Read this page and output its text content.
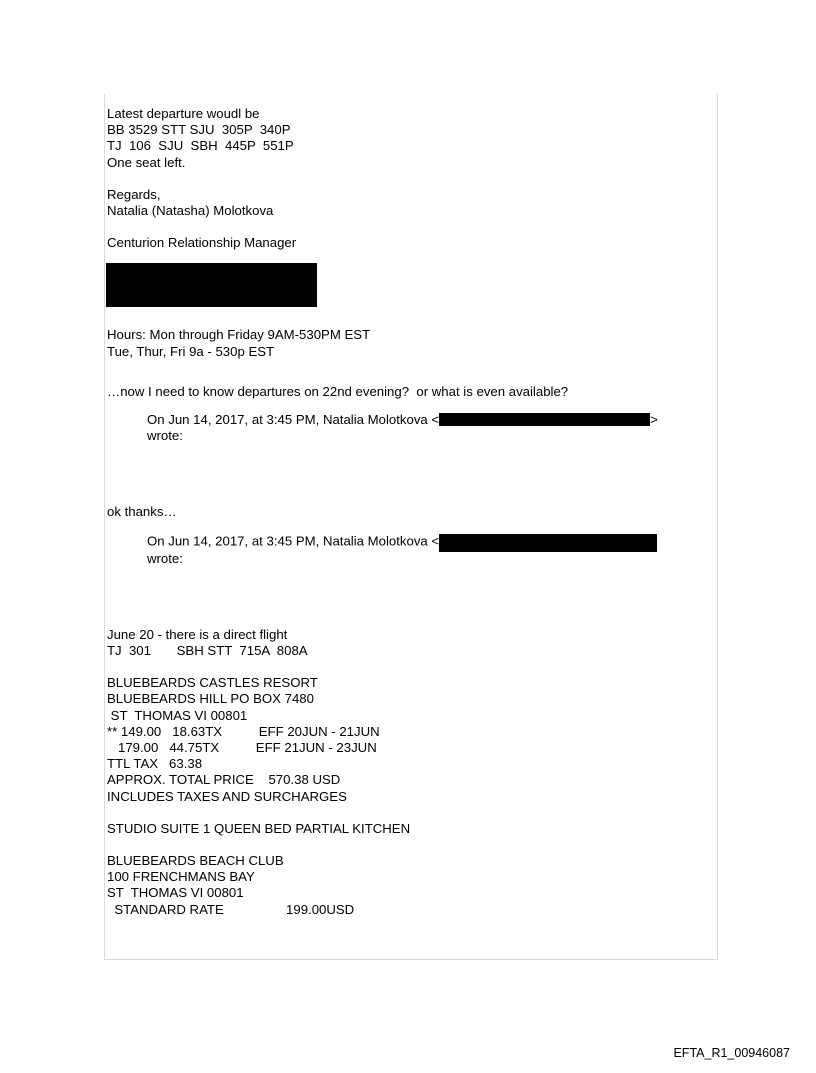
Latest departure woudl be
BB 3529 STT SJU  305P  340P
TJ  106  SJU  SBH  445P  551P
One seat left.
Regards,
Natalia (Natasha) Molotkova
Centurion Relationship Manager
Hours: Mon through Friday 9AM-530PM EST
Tue, Thur, Fri 9a - 530p EST
…now I need to know departures on 22nd evening?  or what is even available?
On Jun 14, 2017, at 3:45 PM, Natalia Molotkova <	>
wrote:
ok thanks…
On Jun 14, 2017, at 3:45 PM, Natalia Molotkova <
wrote:
June 20 - there is a direct flight
TJ  301       SBH STT  715A  808A
BLUEBEARDS CASTLES RESORT
BLUEBEARDS HILL PO BOX 7480
ST  THOMAS VI 00801
** 149.00   18.63TX          EFF 20JUN - 21JUN
179.00   44.75TX          EFF 21JUN - 23JUN
TTL TAX   63.38
APPROX. TOTAL PRICE    570.38 USD
INCLUDES TAXES AND SURCHARGES
STUDIO SUITE 1 QUEEN BED PARTIAL KITCHEN
BLUEBEARDS BEACH CLUB
100 FRENCHMANS BAY
ST  THOMAS VI 00801
STANDARD RATE                 199.00USD
EFTA_R1_00946087
